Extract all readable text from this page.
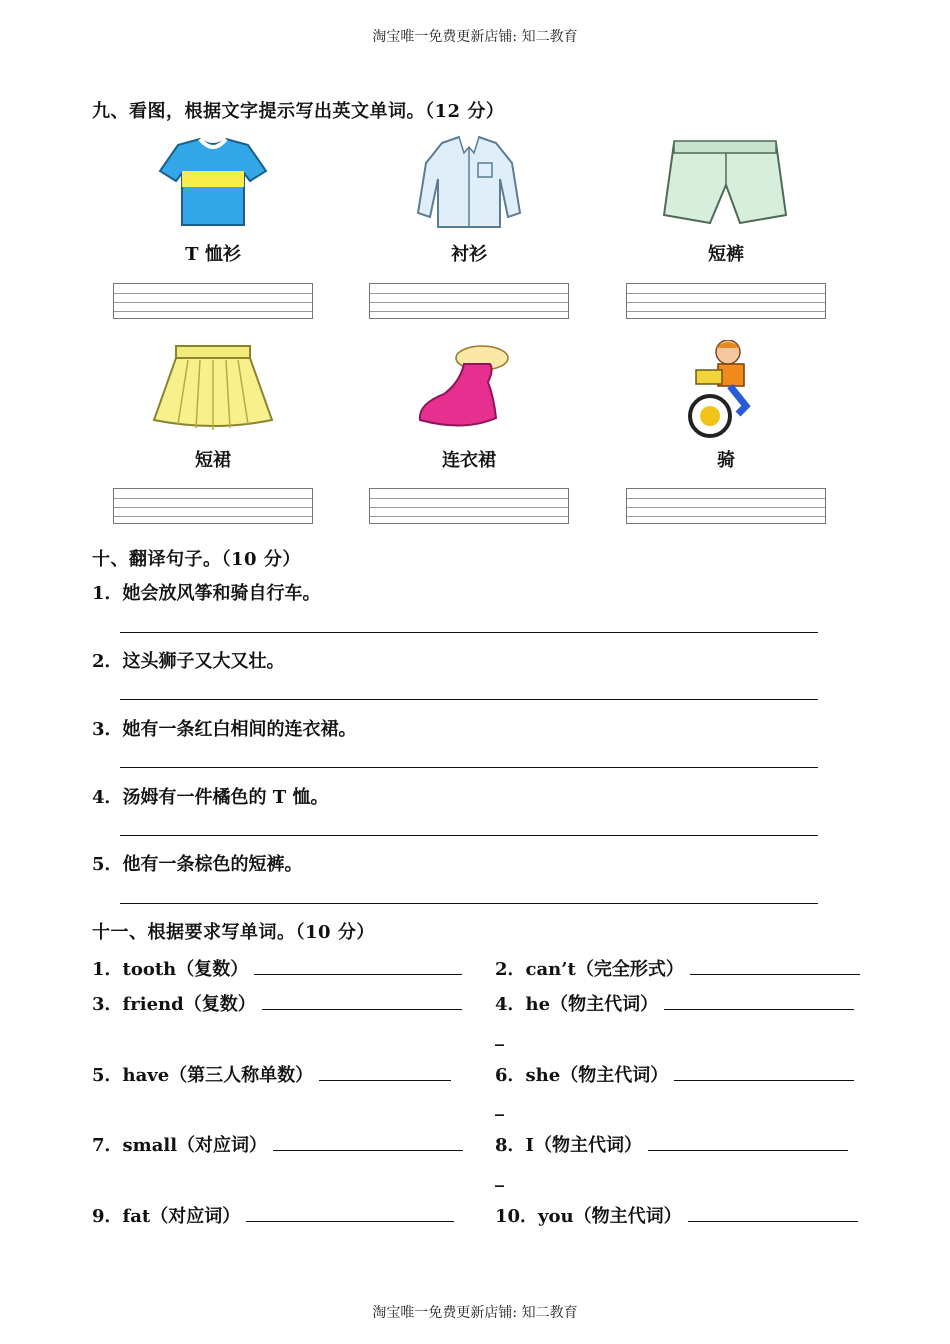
淘宝唯一免费更新店铺: 知二教育
九、看图，根据文字提示写出英文单词。（12 分）
T 恤衫	衬衫	短裤
短裙	连衣裙	骑
十、翻译句子。（10 分）
1．她会放风筝和骑自行车。
2．这头狮子又大又壮。
3．她有一条红白相间的连衣裙。
4．汤姆有一件橘色的 T 恤。
5．他有一条棕色的短裤。
十一、根据要求写单词。（10 分）
1．tooth（复数）	2．can’t（完全形式）
3．friend（复数）	4．he（物主代词）
_
5．have（第三人称单数）	6．she（物主代词）
_
7．small（对应词）	8．I（物主代词）
_
9．fat（对应词）	10．you（物主代词）
淘宝唯一免费更新店铺: 知二教育
